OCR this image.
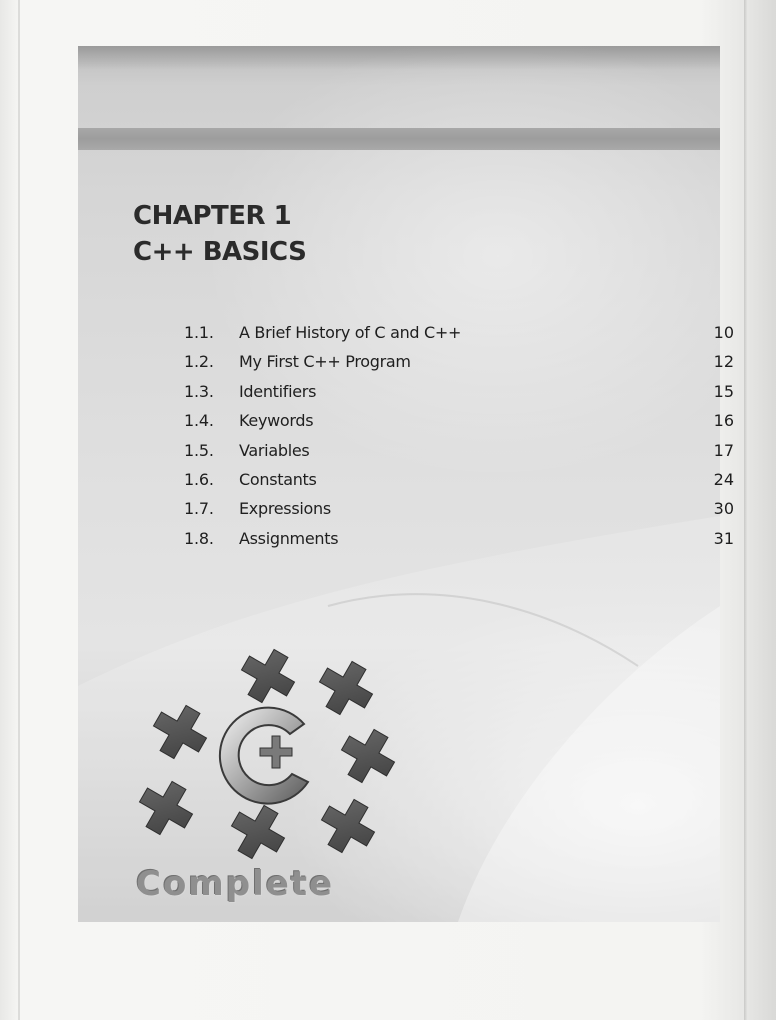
CHAPTER 1
C++ BASICS
1.1. A Brief History of C and C++	10
1.2. My First C++ Program	12
1.3. Identifiers	15
1.4. Keywords	16
1.5. Variables	17
1.6. Constants	24
1.7. Expressions	30
1.8. Assignments	31
Complete
